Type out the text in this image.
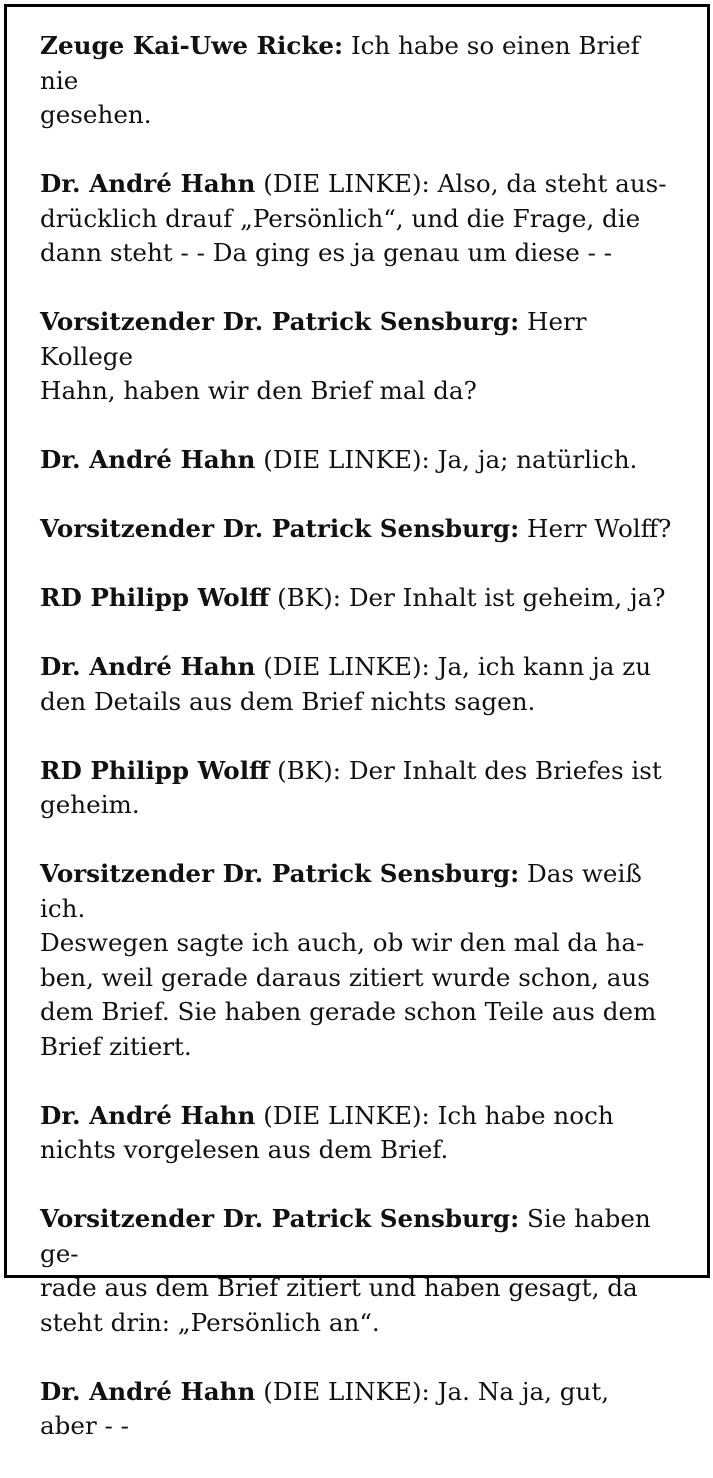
Zeuge Kai-Uwe Ricke: Ich habe so einen Brief nie
gesehen.
Dr. André Hahn (DIE LINKE): Also, da steht aus-
drücklich drauf „Persönlich“, und die Frage, die
dann steht - - Da ging es ja genau um diese - -
Vorsitzender Dr. Patrick Sensburg: Herr Kollege
Hahn, haben wir den Brief mal da?
Dr. André Hahn (DIE LINKE): Ja, ja; natürlich.
Vorsitzender Dr. Patrick Sensburg: Herr Wolff?
RD Philipp Wolff (BK): Der Inhalt ist geheim, ja?
Dr. André Hahn (DIE LINKE): Ja, ich kann ja zu
den Details aus dem Brief nichts sagen.
RD Philipp Wolff (BK): Der Inhalt des Briefes ist
geheim.
Vorsitzender Dr. Patrick Sensburg: Das weiß ich.
Deswegen sagte ich auch, ob wir den mal da ha-
ben, weil gerade daraus zitiert wurde schon, aus
dem Brief. Sie haben gerade schon Teile aus dem
Brief zitiert.
Dr. André Hahn (DIE LINKE): Ich habe noch
nichts vorgelesen aus dem Brief.
Vorsitzender Dr. Patrick Sensburg: Sie haben ge-
rade aus dem Brief zitiert und haben gesagt, da
steht drin: „Persönlich an“.
Dr. André Hahn (DIE LINKE): Ja. Na ja, gut,
aber - -
